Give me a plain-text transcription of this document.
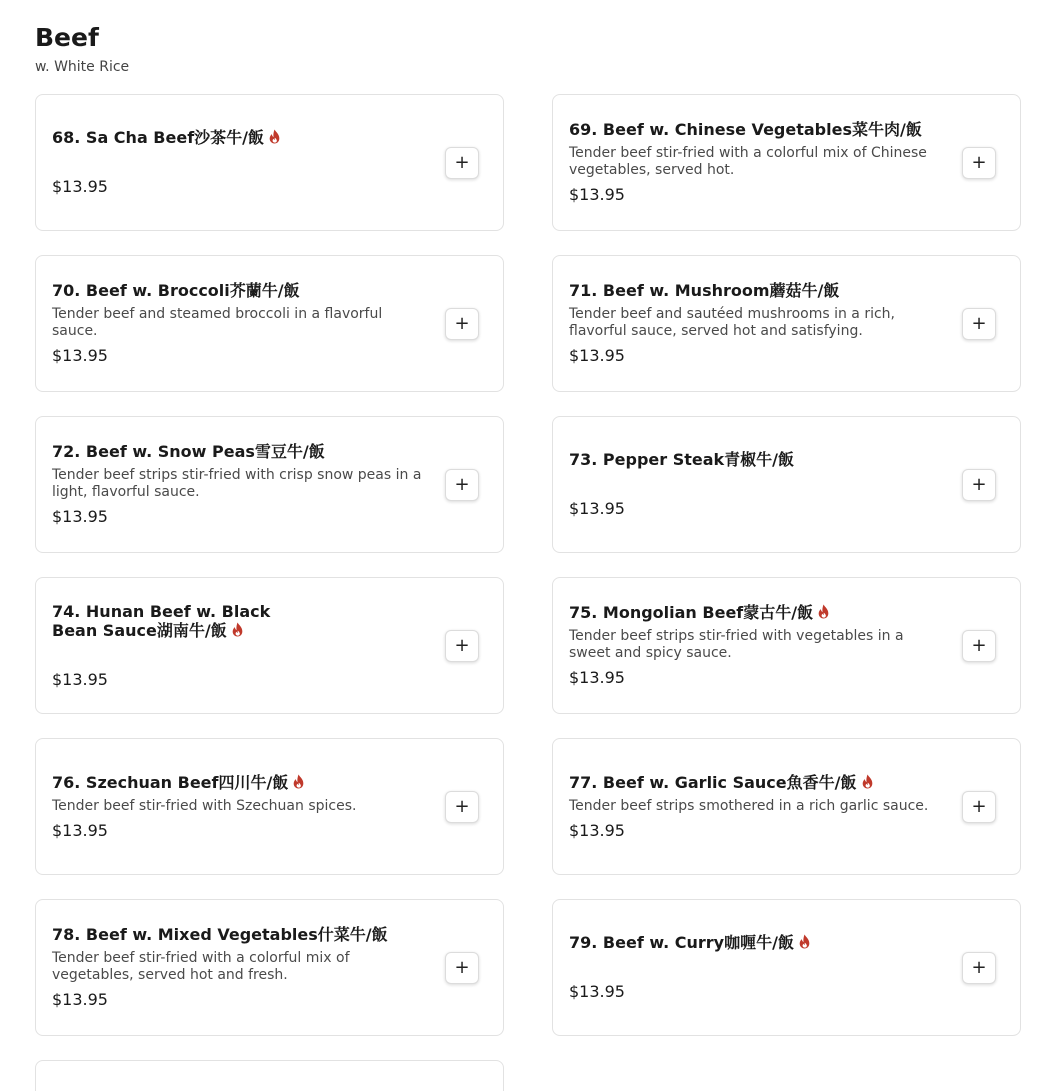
Beef
w. White Rice
68. Sa Cha Beef沙茶牛/飯
$13.95
+
69. Beef w. Chinese Vegetables菜牛肉/飯
Tender beef stir-fried with a colorful mix of Chinese vegetables, served hot.
$13.95
+
70. Beef w. Broccoli芥蘭牛/飯
Tender beef and steamed broccoli in a flavorful sauce.
$13.95
+
71. Beef w. Mushroom蘑菇牛/飯
Tender beef and sautéed mushrooms in a rich, flavorful sauce, served hot and satisfying.
$13.95
+
72. Beef w. Snow Peas雪豆牛/飯
Tender beef strips stir-fried with crisp snow peas in a light, flavorful sauce.
$13.95
+
73. Pepper Steak青椒牛/飯
$13.95
+
74. Hunan Beef w. Black Bean Sauce湖南牛/飯
$13.95
+
75. Mongolian Beef蒙古牛/飯
Tender beef strips stir-fried with vegetables in a sweet and spicy sauce.
$13.95
+
76. Szechuan Beef四川牛/飯
Tender beef stir-fried with Szechuan spices.
$13.95
+
77. Beef w. Garlic Sauce魚香牛/飯
Tender beef strips smothered in a rich garlic sauce.
$13.95
+
78. Beef w. Mixed Vegetables什菜牛/飯
Tender beef stir-fried with a colorful mix of vegetables, served hot and fresh.
$13.95
+
79. Beef w. Curry咖喱牛/飯
$13.95
+
